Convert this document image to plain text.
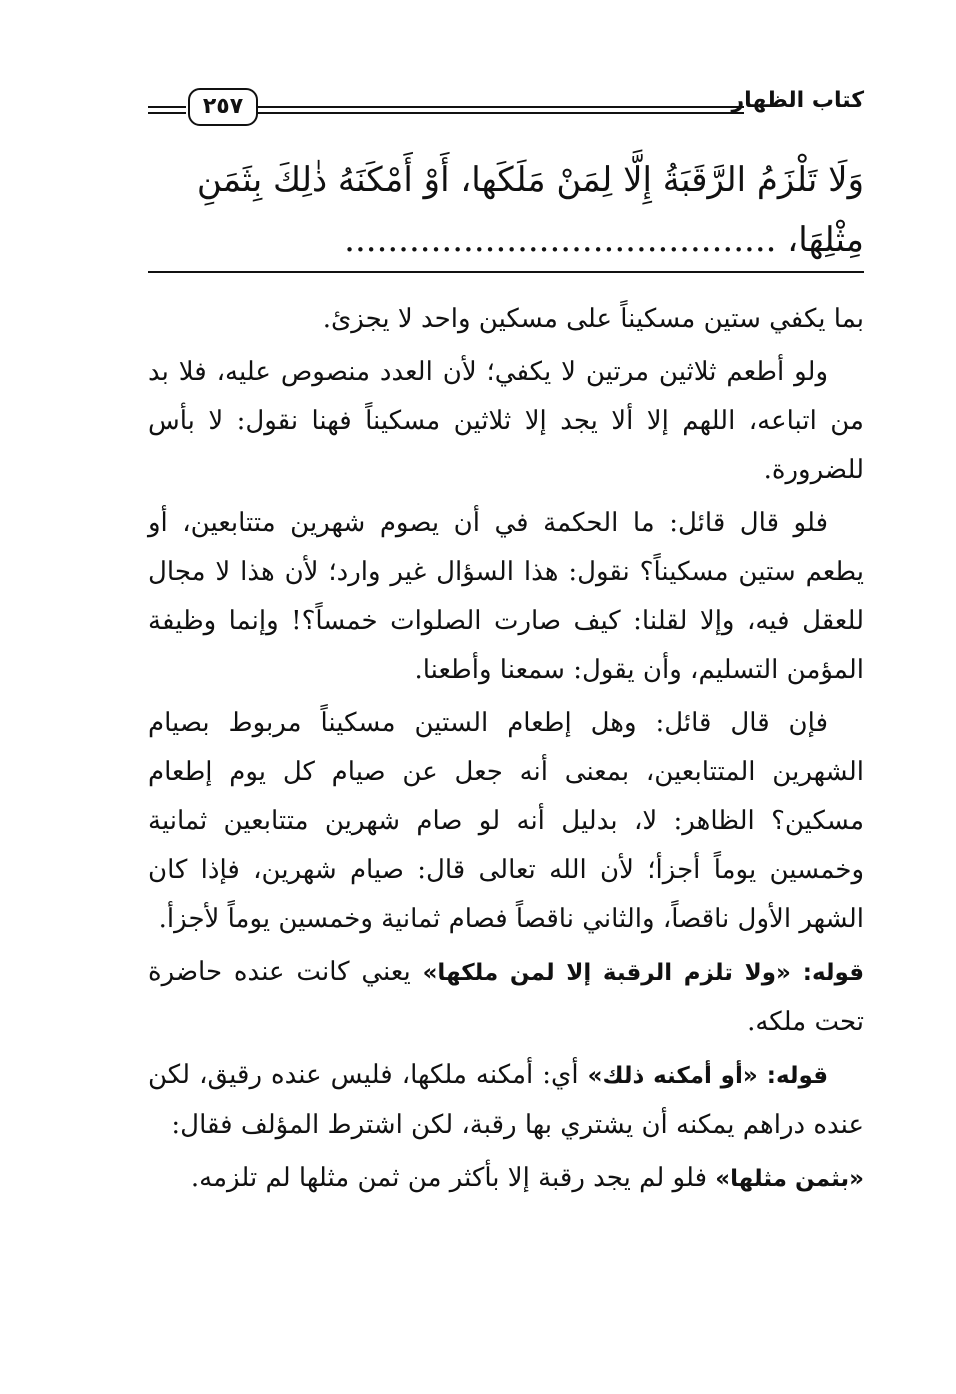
٢٥٧	كتاب الظهار

وَلَا تَلْزَمُ الرَّقَبَةُ إِلَّا لِمَنْ مَلَكَها، أَوْ أَمْكَنَهُ ذٰلِكَ بِثَمَنِ

مِثْلِهَا، ........................................

بما يكفي ستين مسكيناً على مسكين واحد لا يجزئ.

ولو أطعم ثلاثين مرتين لا يكفي؛ لأن العدد منصوص عليه، فلا بد من اتباعه، اللهم إلا ألا يجد إلا ثلاثين مسكيناً فهنا نقول: لا بأس للضرورة.

فلو قال قائل: ما الحكمة في أن يصوم شهرين متتابعين، أو يطعم ستين مسكيناً؟ نقول: هذا السؤال غير وارد؛ لأن هذا لا مجال للعقل فيه، وإلا لقلنا: كيف صارت الصلوات خمساً؟! وإنما وظيفة المؤمن التسليم، وأن يقول: سمعنا وأطعنا.

فإن قال قائل: وهل إطعام الستين مسكيناً مربوط بصيام الشهرين المتتابعين، بمعنى أنه جعل عن صيام كل يوم إطعام مسكين؟ الظاهر: لا، بدليل أنه لو صام شهرين متتابعين ثمانية وخمسين يوماً أجزأ؛ لأن الله تعالى قال: صيام شهرين، فإذا كان الشهر الأول ناقصاً، والثاني ناقصاً فصام ثمانية وخمسين يوماً لأجزأ.

قوله: «ولا تلزم الرقبة إلا لمن ملكها» يعني كانت عنده حاضرة تحت ملكه.

قوله: «أو أمكنه ذلك» أي: أمكنه ملكها، فليس عنده رقيق، لكن عنده دراهم يمكنه أن يشتري بها رقبة، لكن اشترط المؤلف فقال:

«بثمن مثلها» فلو لم يجد رقبة إلا بأكثر من ثمن مثلها لم تلزمه.
